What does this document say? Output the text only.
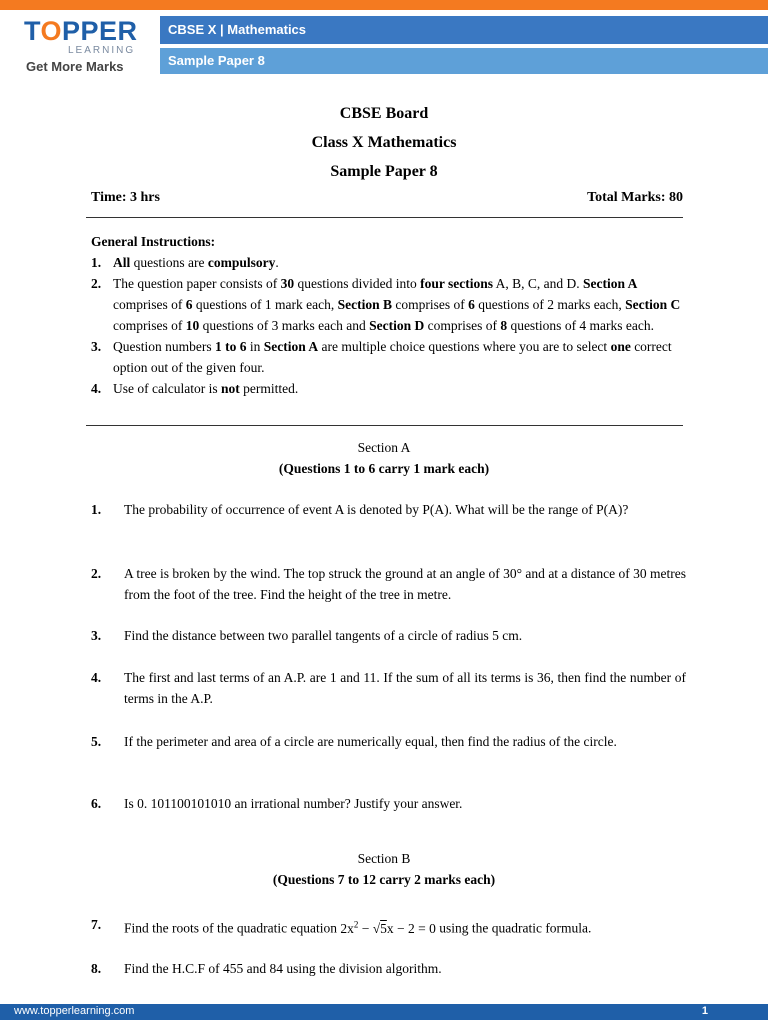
TOPPER
LEARNING
Get More Marks
CBSE X | Mathematics
Sample Paper 8
CBSE Board
Class X Mathematics
Sample Paper 8
Time: 3 hrs	Total Marks: 80
General Instructions:
1. All questions are compulsory.
2. The question paper consists of 30 questions divided into four sections A, B, C, and D. Section A comprises of 6 questions of 1 mark each, Section B comprises of 6 questions of 2 marks each, Section C comprises of 10 questions of 3 marks each and Section D comprises of 8 questions of 4 marks each.
3. Question numbers 1 to 6 in Section A are multiple choice questions where you are to select one correct option out of the given four.
4. Use of calculator is not permitted.
Section A
(Questions 1 to 6 carry 1 mark each)
1. The probability of occurrence of event A is denoted by P(A). What will be the range of P(A)?
2. A tree is broken by the wind. The top struck the ground at an angle of 30° and at a distance of 30 metres from the foot of the tree. Find the height of the tree in metre.
3. Find the distance between two parallel tangents of a circle of radius 5 cm.
4. The first and last terms of an A.P. are 1 and 11. If the sum of all its terms is 36, then find the number of terms in the A.P.
5. If the perimeter and area of a circle are numerically equal, then find the radius of the circle.
6. Is 0. 101100101010 an irrational number? Justify your answer.
Section B
(Questions 7 to 12 carry 2 marks each)
7. Find the roots of the quadratic equation $2x^2 - √5x - 2 = 0$ using the quadratic formula.
8. Find the H.C.F of 455 and 84 using the division algorithm.
www.topperlearning.com	1
